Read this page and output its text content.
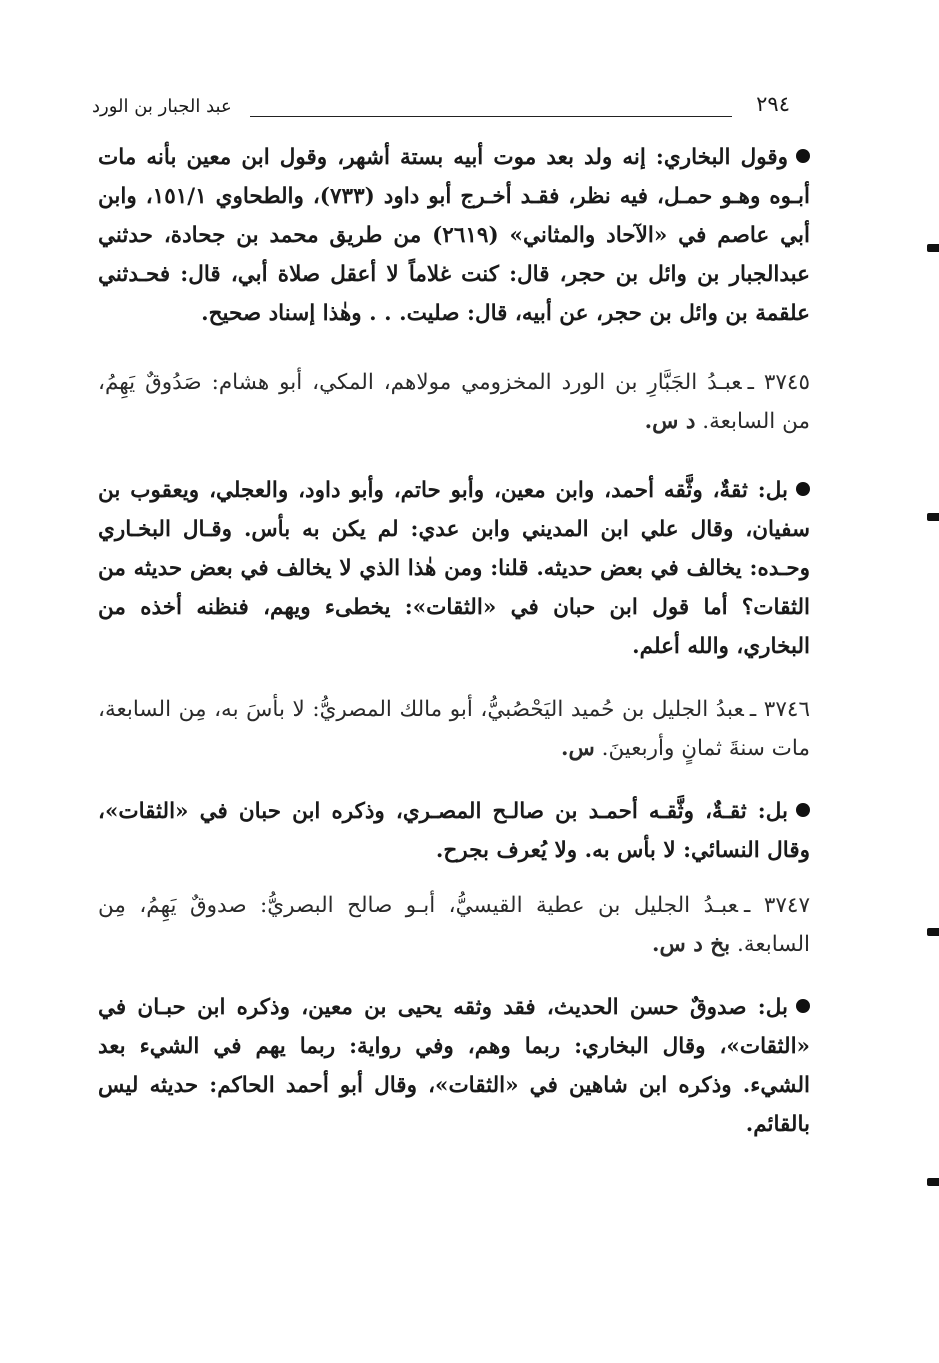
٢٩٤
عبد الجبار بن الورد

وقول البخاري: إنه ولد بعد موت أبيه بستة أشهر، وقول ابن معين بأنه مات أبـوه وهـو حمـل، فيه نظر، فقـد أخـرج أبو داود (٧٣٣)، والطحاوي ١٥١/١، وابن أبي عاصم في «الآحاد والمثاني» (٢٦١٩) من طريق محمد بن جحادة، حدثني عبدالجبار بن وائل بن حجر، قال: كنت غلاماً لا أعقل صلاة أبي، قال: فحـدثني علقمة بن وائل بن حجر، عن أبيه، قال: صليت. . . وهٰذا إسناد صحيح.

٣٧٤٥ ـعبـدُ الجَبَّارِ بن الورد المخزومي مولاهم، المكي، أبو هشام: صَدُوقٌ يَهِمُ، من السابعة. د س.

بل: ثقةٌ، وثَّقه أحمد، وابن معين، وأبو حاتم، وأبو داود، والعجلي، ويعقوب بن سفيان، وقال علي ابن المديني وابن عدي: لم يكن به بأس. وقـال البخـاري وحـده: يخالف في بعض حديثه. قلنا: ومن هٰذا الذي لا يخالف في بعض حديثه من الثقات؟ أما قول ابن حبان في «الثقات»: يخطىء ويهم، فنظنه أخذه من البخاري، والله أعلم.

٣٧٤٦ ـعبدُ الجليل بن حُميد اليَحْصُبيُّ، أبو مالك المصريُّ: لا بأسَ به، مِن السابعة، مات سنةَ ثمانٍ وأربعينَ. س.

بل: ثقـةٌ، وثَّقـه أحمـد بن صالـح المصـري، وذكره ابن حبان في «الثقات»، وقال النسائي: لا بأس به. ولا يُعرف بجرح.

٣٧٤٧ ـعبـدُ الجليل بن عطية القيسيُّ، أبـو صالح البصريُّ: صدوقٌ يَهِمُ، مِن السابعة. بخ د س.

بل: صدوقٌ حسن الحديث، فقد وثقه يحيى بن معين، وذكره ابن حبـان في «الثقات»، وقال البخاري: ربما وهم، وفي رواية: ربما يهم في الشيء بعد الشيء. وذكره ابن شاهين في «الثقات»، وقال أبو أحمد الحاكم: حديثه ليس بالقائم.
